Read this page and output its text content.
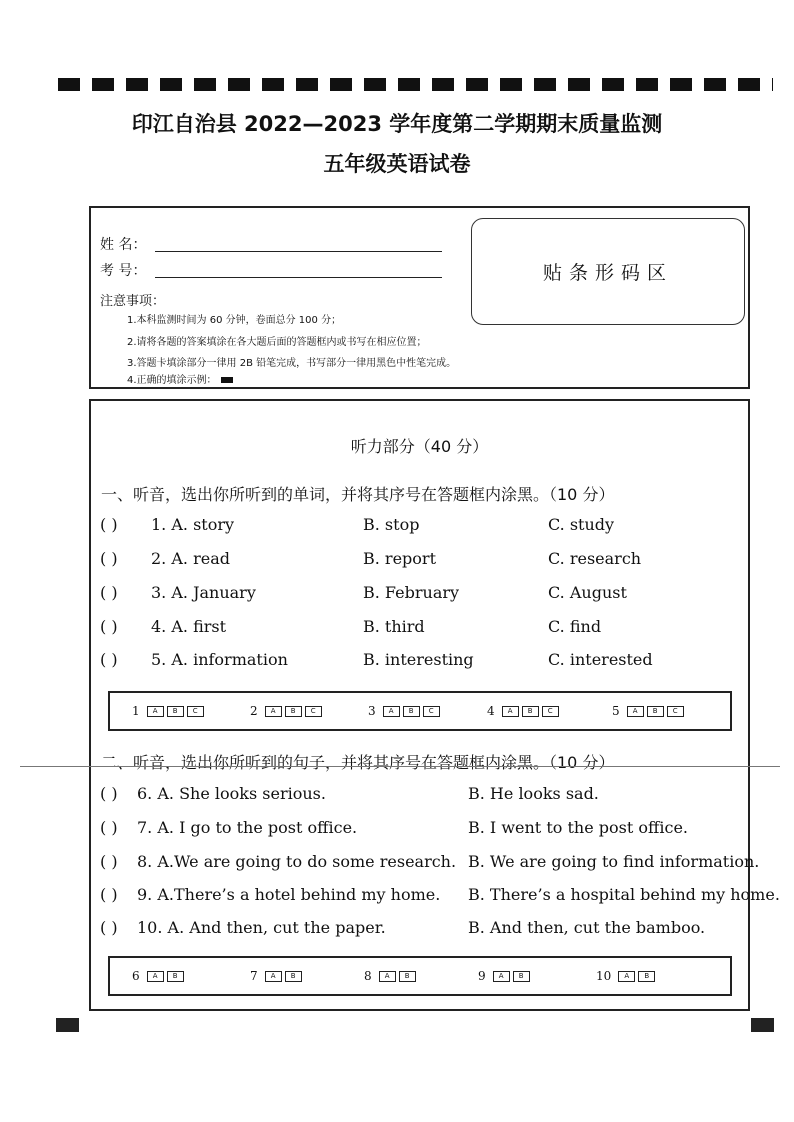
印江自治县 2022—2023 学年度第二学期期末质量监测
五年级英语试卷
姓 名：
考 号：	贴条形码区
注意事项：
1.本科监测时间为 60 分钟，卷面总分 100 分；
2.请将各题的答案填涂在各大题后面的答题框内或书写在相应位置；
3.答题卡填涂部分一律用 2B 铅笔完成，书写部分一律用黑色中性笔完成。
4.正确的填涂示例：
听力部分（40 分）
一、听音，选出你所听到的单词，并将其序号在答题框内涂黑。（10 分）
( ) 1. A. story	B. stop	C. study
( ) 2. A. read	B. report	C. research
( ) 3. A. January	B. February	C. August
( ) 4. A. first	B. third	C. find
( ) 5. A. information	B. interesting	C. interested
1	A	B	C	2	A	B	C	3	A	B	C	4	A	B	C	5	A	B	C
二、听音，选出你所听到的句子，并将其序号在答题框内涂黑。（10 分）
( ) 6. A. She looks serious.	B. He looks sad.
( ) 7. A. I go to the post office.	B. I went to the post office.
( ) 8. A.We are going to do some research. B. We are going to find information.
( ) 9. A.There’s a hotel behind my home. B. There’s a hospital behind my home.
( ) 10. A. And then, cut the paper.	B. And then, cut the bamboo.
6	A	B	7	A	B	8	A	B	9	A	B	10	A	B
